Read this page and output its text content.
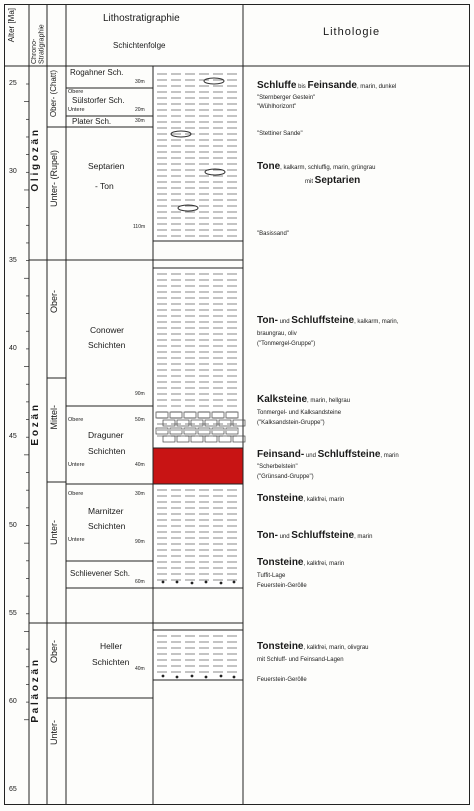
Alter [Ma]
Chrono-Stratigraphie
Lithostratigraphie
Schichtenfolge
Lithologie
25
30
35
40
45
50
55
60
65
O l i g o z ä n
E o z ä n
P a l ä o z ä n
Ober- (Chatt)
Unter- (Rupel)
Ober-
Mittel-
Unter-
Ober-
Unter-
Rogahner Sch.
Obere
Sülstorfer Sch.
Untere
Plater Sch.
Septarien
- Ton
Conower
Schichten
Obere
Draguner
Schichten
Untere
Obere
Marnitzer
Schichten
Untere
Schlievener Sch.
Heller
Schichten
30m
20m
30m
110m
90m
50m
40m
30m
90m
60m
40m
Schluffe bis Feinsande, marin, dunkel
"Sternberger Gestein"
"Wühlhorizont"
"Stettiner Sande"
Tone, kalkarm, schluffig, marin, grüngrau
mit Septarien
"Basissand"
Ton- und Schluffsteine, kalkarm, marin,
braungrau, oliv
("Tonmergel-Gruppe")
Kalksteine, marin, hellgrau
Tonmergel- und Kalksandsteine
("Kalksandstein-Gruppe")
Feinsand- und Schluffsteine, marin
"Scherbelstein"
("Grünsand-Gruppe")
Tonsteine, kalkfrei, marin
Ton- und Schluffsteine, marin
Tonsteine, kalkfrei, marin
Tuffit-Lage
Feuerstein-Gerölle
Tonsteine, kalkfrei, marin, olivgrau
mit Schluff- und Feinsand-Lagen
Feuerstein-Gerölle
